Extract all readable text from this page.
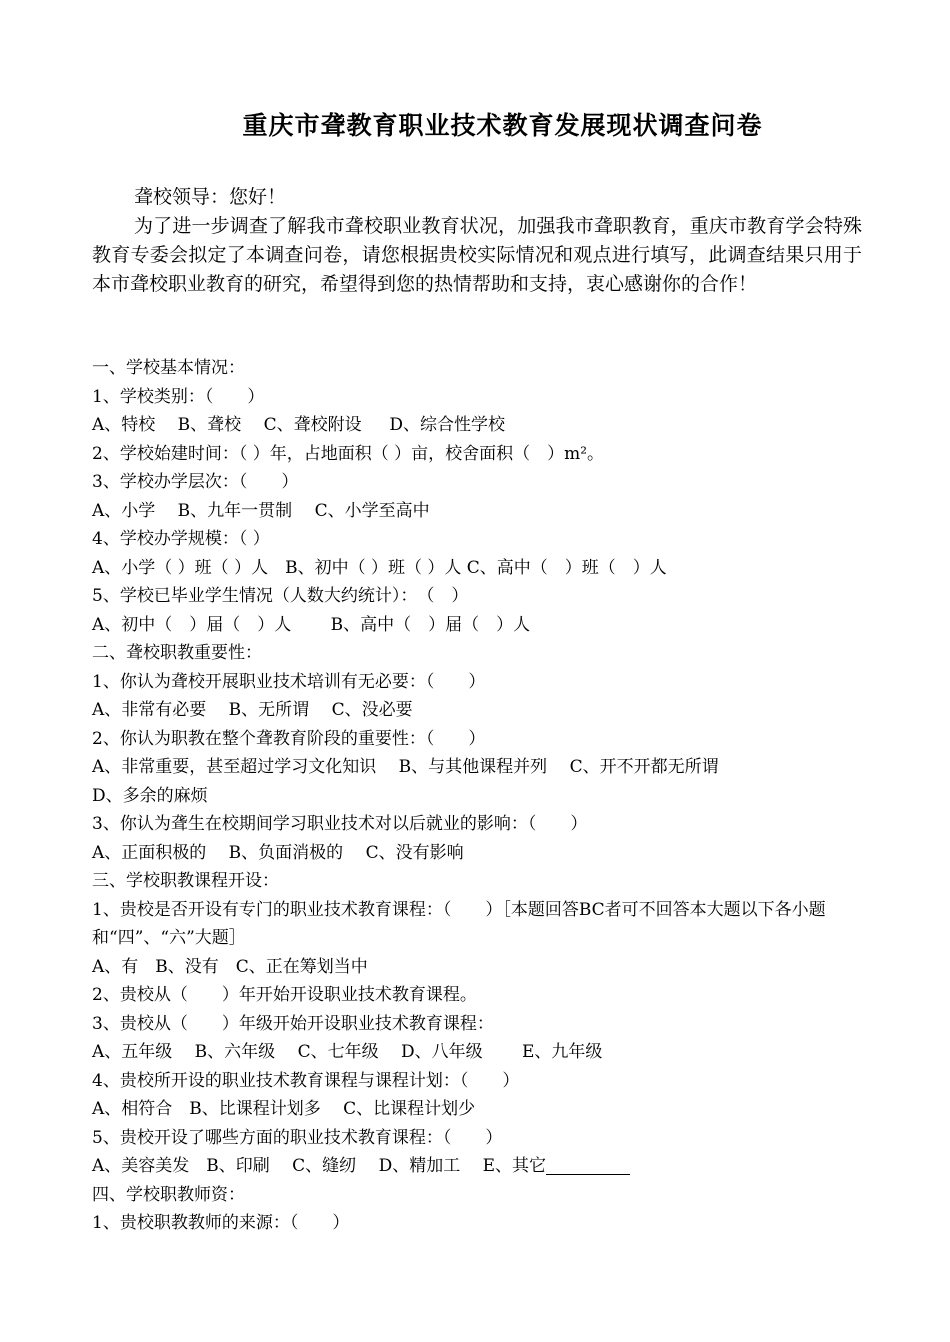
重庆市聋教育职业技术教育发展现状调查问卷
聋校领导：您好！
为了进一步调查了解我市聋校职业教育状况，加强我市聋职教育，重庆市教育学会特殊教育专委会拟定了本调查问卷，请您根据贵校实际情况和观点进行填写，此调查结果只用于本市聋校职业教育的研究，希望得到您的热情帮助和支持，衷心感谢你的合作！
一、学校基本情况：
1、学校类别：（　　）
A、特校　 B、聋校　 C、聋校附设　  D、综合性学校
2、学校始建时间：（ ）年，占地面积（ ）亩，校舍面积（　）m²。
3、学校办学层次：（　　）
A、小学　 B、九年一贯制　 C、小学至高中
4、学校办学规模：（ ）
A、小学（ ）班（ ）人　B、初中（ ）班（ ）人 C、高中（　）班（　）人
5、学校已毕业学生情况（人数大约统计）：　（　）
A、初中（　）届（　）人　　 B、高中（　）届（　）人
二、聋校职教重要性：
1、你认为聋校开展职业技术培训有无必要：（　　）
A、非常有必要　 B、无所谓　 C、没必要
2、你认为职教在整个聋教育阶段的重要性：（　　）
A、非常重要，甚至超过学习文化知识　 B、与其他课程并列　 C、开不开都无所谓
D、多余的麻烦
3、你认为聋生在校期间学习职业技术对以后就业的影响：（　　）
A、正面积极的　 B、负面消极的　 C、没有影响
三、学校职教课程开设：
1、贵校是否开设有专门的职业技术教育课程：（　　）［本题回答BC者可不回答本大题以下各小题和“四”、“六”大题］
A、有　B、没有　C、正在筹划当中
2、贵校从（　　）年开始开设职业技术教育课程。
3、贵校从（　　）年级开始开设职业技术教育课程：
A、五年级　 B、六年级　 C、七年级　 D、八年级　　 E、九年级
4、贵校所开设的职业技术教育课程与课程计划：（　　）
A、相符合　B、比课程计划多　 C、比课程计划少
5、贵校开设了哪些方面的职业技术教育课程：（　　）
A、美容美发　B、印刷　 C、缝纫　 D、精加工　 E、其它
四、学校职教师资：
1、贵校职教教师的来源：（　　）
